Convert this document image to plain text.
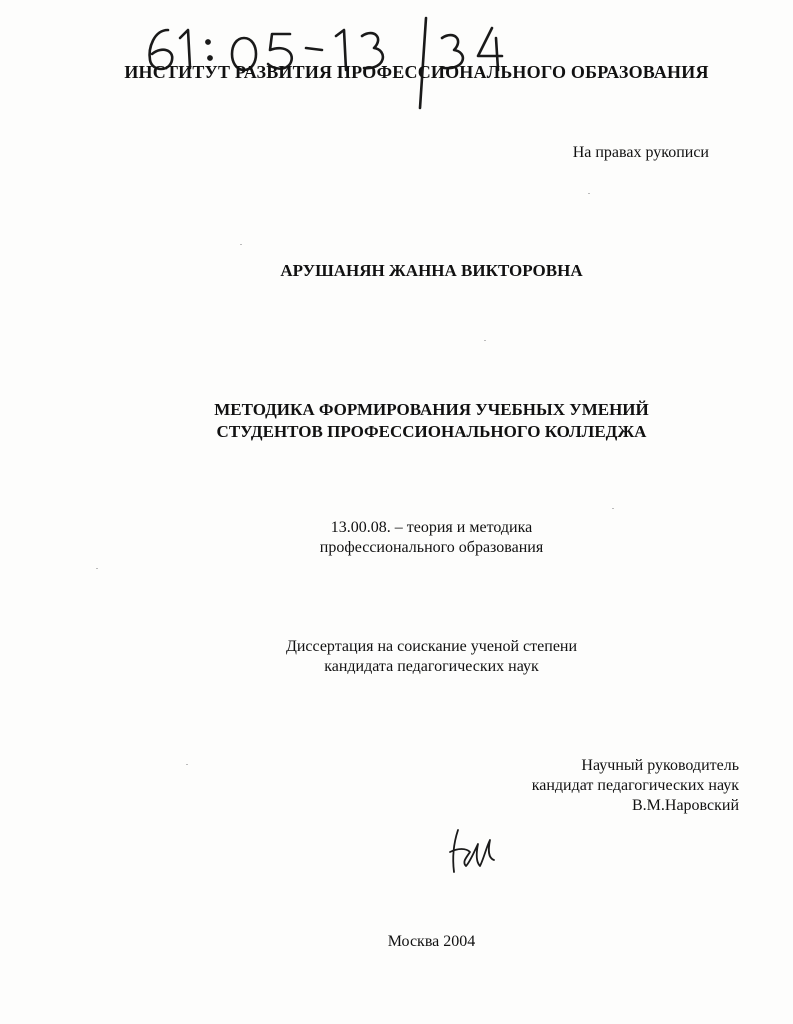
ИНСТИТУТ РАЗВИТИЯ ПРОФЕССИОНАЛЬНОГО ОБРАЗОВАНИЯ
На правах рукописи
АРУШАНЯН ЖАННА ВИКТОРОВНА
МЕТОДИКА ФОРМИРОВАНИЯ УЧЕБНЫХ УМЕНИЙ
СТУДЕНТОВ ПРОФЕССИОНАЛЬНОГО КОЛЛЕДЖА
13.00.08. – теория и методика
профессионального образования
Диссертация на соискание ученой степени
кандидата педагогических наук
Научный руководитель
кандидат педагогических наук
В.М.Наровский
Москва 2004
